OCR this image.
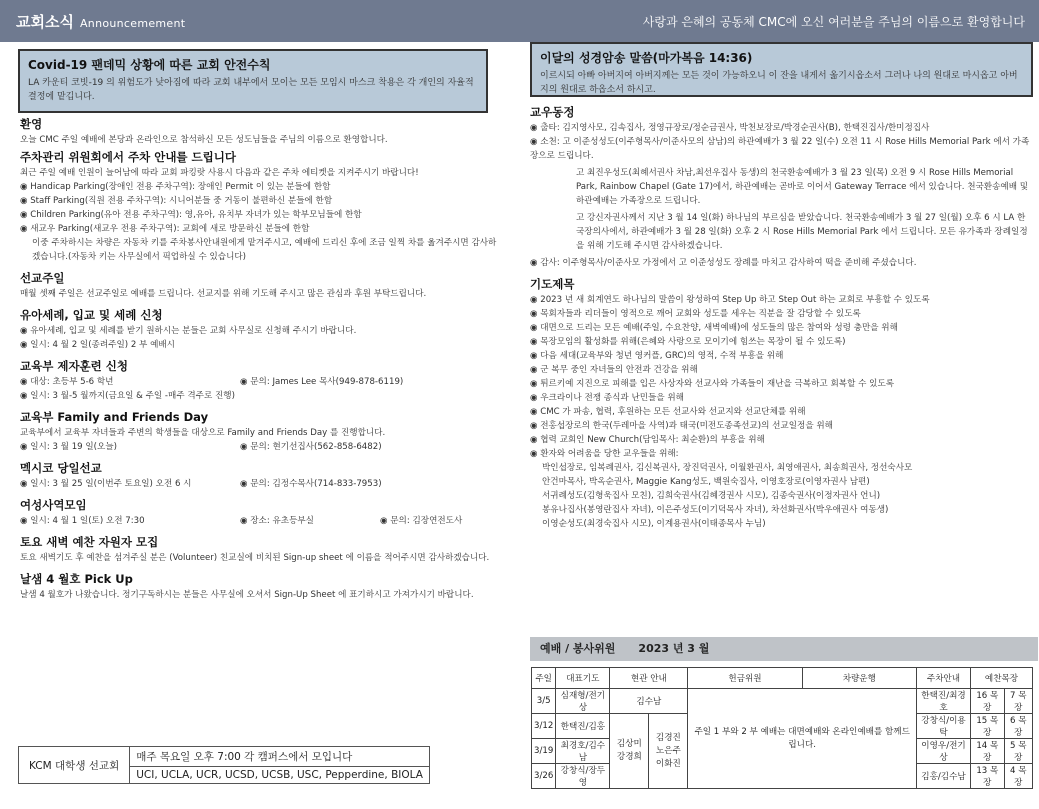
교회소식 Announcemement	사랑과 은혜의 공동체 CMC에 오신 여러분을 주님의 이름으로 환영합니다
Covid-19 팬데믹 상황에 따른 교회 안전수칙
LA 카운티 코빗-19 의 위험도가 낮아짐에 따라 교회 내부에서 모이는 모든 모임시 마스크 착용은 각 개인의 자율적 결정에 맡깁니다.
이달의 성경암송 말씀(마가복음 14:36)
이르시되 아빠 아버지여 아버지께는 모든 것이 가능하오니 이 잔을 내게서 옮기시옵소서 그러나 나의 원대로 마시옵고 아버지의 원대로 하옵소서 하시고.
환영

오늘 CMC 주일 예배에 본당과 온라인으로 참석하신 모든 성도님들을 주님의 이름으로 환영합니다.

주차관리 위원회에서 주차 안내를 드립니다

최근 주일 예배 인원이 늘어남에 따라 교회 파킹랏 사용시 다음과 같은 주차 에티켓을 지켜주시기 바랍니다!

◉ Handicap Parking(장애인 전용 주차구역): 장애인 Permit 이 있는 분들에 한함

◉ Staff Parking(직원 전용 주차구역): 시니어분들 중 거동이 불편하신 분들에 한함

◉ Children Parking(유아 전용 주차구역): 영,유아, 유치부 자녀가 있는 학부모님들에 한함

◉ 새교우 Parking(새교우 전용 주차구역): 교회에 새로 방문하신 분들에 한함

이중 주차하시는 차량은 자동차 키를 주차봉사안내원에게 맡겨주시고, 예배에 드리신 후에 조금 일찍 차를 옮겨주시면 감사하겠습니다.(자동차 키는 사무실에서 픽업하실 수 있습니다)

선교주일

매월 셋째 주일은 선교주일로 예배를 드립니다. 선교지를 위해 기도해 주시고 많은 관심과 후원 부탁드립니다.

유아세례, 입교 및 세례 신청

◉ 유아세례, 입교 및 세례를 받기 원하시는 분들은 교회 사무실로 신청해 주시기 바랍니다.

◉ 일시: 4 월 2 일(종려주일) 2 부 예배시

교육부 제자훈련 신청
◉ 대상: 초등부 5-6 학년	◉ 문의: James Lee 목사(949-878-6119)

◉ 일시: 3 월-5 월까지(금요일 & 주일 -매주 격주로 진행)

교육부 Family and Friends Day

교육부에서 교육부 자녀들과 주변의 학생들을 대상으로 Family and Friends Day 를 진행합니다.

◉ 일시: 3 월 19 일(오늘)	◉ 문의: 현기선집사(562-858-6482)
멕시코 당일선교
◉ 일시: 3 월 25 일(이번주 토요일) 오전 6 시	◉ 문의: 김정수목사(714-833-7953)
여성사역모임
◉ 일시: 4 월 1 일(토) 오전 7:30	◉ 장소: 유초등부실	◉ 문의: 김장연전도사
토요 새벽 예찬 자원자 모집

토요 새벽기도 후 예찬을 섬겨주실 분은 (Volunteer) 친교실에 비치된 Sign-up sheet 에 이름을 적어주시면 감사하겠습니다.

날샘 4 월호 Pick Up

날샘 4 월호가 나왔습니다. 정기구독하시는 분들은 사무실에 오셔서 Sign-Up Sheet 에 표기하시고 가져가시기 바랍니다.

교우동정

◉ 출타: 김지영사모, 김속집사, 정영규장로/정순금권사, 박천보장로/박경순권사(B), 한택진집사/한미정집사

◉ 소천: 고 이준성성도(이주형목사/이준사모의 삼남)의 하관예배가 3 월 22 일(수) 오전 11 시 Rose Hills Memorial Park 에서 가족장으로 드립니다.

고 최진우성도(최혜서권사 차남,최선우집사 동생)의 천국환송예배가 3 월 23 일(목) 오전 9 시 Rose Hills Memorial Park, Rainbow Chapel (Gate 17)에서, 하관예배는 곧바로 이어서 Gateway Terrace 에서 있습니다. 천국환송예배 및 하관예배는 가족장으로 드립니다.

고 강신자권사께서 지난 3 월 14 일(화) 하나님의 부르심을 받았습니다. 천국환송예배가 3 월 27 일(월) 오후 6 시 LA 한국장의사에서, 하관예배가 3 월 28 일(화) 오후 2 시 Rose Hills Memorial Park 에서 드립니다. 모든 유가족과 장례일정을 위해 기도해 주시면 감사하겠습니다.

◉ 감사: 이주형목사/이준사모 가정에서 고 이준성성도 장례를 마치고 감사하여 떡을 준비해 주셨습니다.

기도제목

◉ 2023 년 새 회계연도 하나님의 말씀이 왕성하여 Step Up 하고 Step Out 하는 교회로 부흥할 수 있도록

◉ 목회자들과 리더들이 영적으로 깨어 교회와 성도를 세우는 직분을 잘 감당할 수 있도록

◉ 대면으로 드리는 모든 예배(주일, 수요찬양, 새벽예배)에 성도들의 많은 참여와 성령 충만을 위해

◉ 목장모임의 활성화를 위해(은혜와 사랑으로 모이기에 힘쓰는 목장이 될 수 있도록)

◉ 다음 세대(교육부와 청년 영커플, GRC)의 영적, 수적 부흥을 위해

◉ 군 복무 중인 자녀들의 안전과 건강을 위해

◉ 튀르키예 지진으로 피해를 입은 사상자와 선교사와 가족들이 재난을 극복하고 회복할 수 있도록

◉ 우크라이나 전쟁 종식과 난민들을 위해

◉ CMC 가 파송, 협력, 후원하는 모든 선교사와 선교지와 선교단체를 위해

◉ 전홍섭장로의 한국(두레마을 사역)과 태국(미전도종족선교)의 선교일정을 위해

◉ 협력 교회인 New Church(담임목사: 최순환)의 부흥을 위해

◉ 환자와 어려움을 당한 교우들을 위해:

박인섭장로, 임복례권사, 김신복권사, 장진덕권사, 이월환권사, 최영애권사, 최송희권사, 정선숙사모

안건마목사, 박옥순권사, Maggie Kang성도, 백원숙집사, 이영호장로(이영자권사 남편)

서귀례성도(김형욱집사 모친), 김희숙권사(김혜경권사 시모), 김종숙권사(이정자권사 언니)

봉유나집사(봉영란집사 자녀), 이은주성도(이기덕목사 자녀), 차선화권사(박우애권사 여동생)

이영순성도(최경숙집사 시모), 이계용권사(이태종목사 누님)

KCM 대학생 선교회	매주 목요일 오후 7:00 각 캠퍼스에서 모입니다
UCI, UCLA, UCR, UCSD, UCSB, USC, Pepperdine, BIOLA
예배 / 봉사위원      2023 년 3 월
주일	대표기도	현관 안내		헌금위원	차량운행	주차안내	예찬목장	
3/5	심재형/전기상	김수남		주일 1 부와 2 부 예배는 대면예배와 온라인예배를 함께드립니다.		한택진/최경호	16 목장	7 목장
3/12	한택진/김홍	김상미 강경희	김경진 노은주 이화진			강창식/이용탁	15 목장	6 목장
3/19	최경호/김수남					이영우/전기상	14 목장	5 목장
3/26	강창식/장두영					김홍/김수남	13 목장	4 목장
